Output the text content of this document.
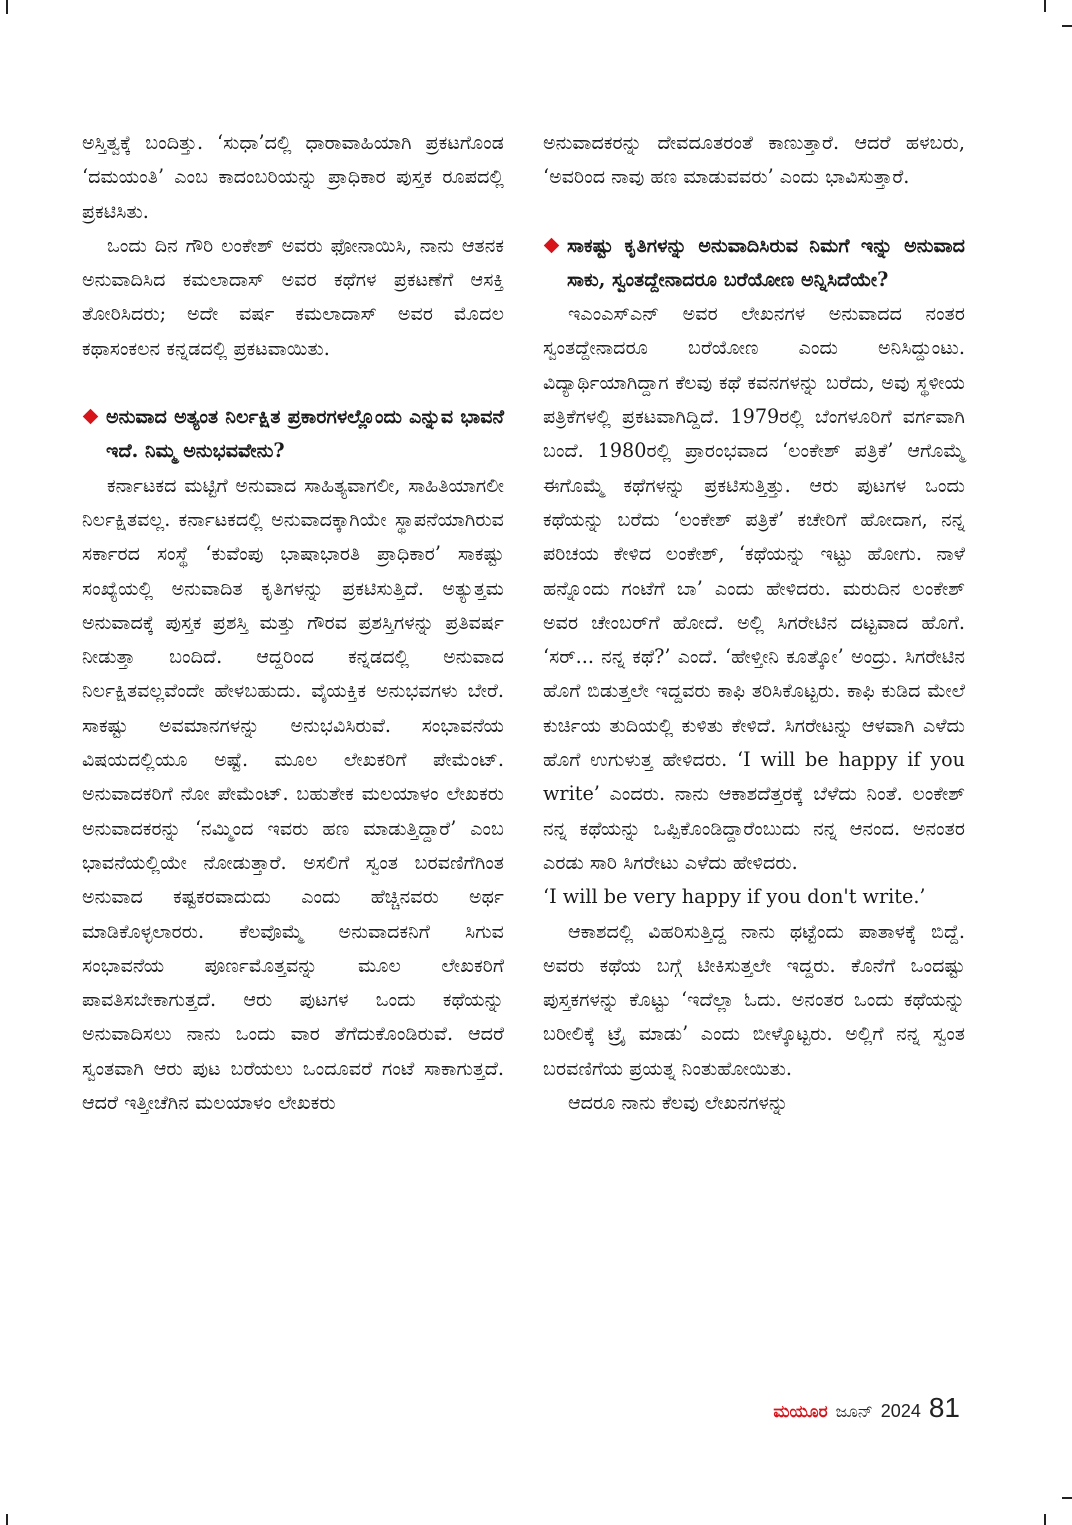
ಅಸ್ತಿತ್ವಕ್ಕೆ ಬಂದಿತ್ತು. ‘ಸುಧಾ’ದಲ್ಲಿ ಧಾರಾವಾಹಿಯಾಗಿ ಪ್ರಕಟಗೊಂಡ ‘ದಮಯಂತಿ’ ಎಂಬ ಕಾದಂಬರಿಯನ್ನು ಪ್ರಾಧಿಕಾರ ಪುಸ್ತಕ ರೂಪದಲ್ಲಿ ಪ್ರಕಟಿಸಿತು.

ಒಂದು ದಿನ ಗೌರಿ ಲಂಕೇಶ್ ಅವರು ಫೋನಾಯಿಸಿ, ನಾನು ಆತನಕ ಅನುವಾದಿಸಿದ ಕಮಲಾದಾಸ್ ಅವರ ಕಥೆಗಳ ಪ್ರಕಟಣೆಗೆ ಆಸಕ್ತಿ ತೋರಿಸಿದರು; ಅದೇ ವರ್ಷ ಕಮಲಾದಾಸ್ ಅವರ ಮೊದಲ ಕಥಾಸಂಕಲನ ಕನ್ನಡದಲ್ಲಿ ಪ್ರಕಟವಾಯಿತು.

ಅನುವಾದ ಅತ್ಯಂತ ನಿರ್ಲಕ್ಷಿತ ಪ್ರಕಾರಗಳಲ್ಲೊಂದು ಎನ್ನುವ ಭಾವನೆ ಇದೆ. ನಿಮ್ಮ ಅನುಭವವೇನು?

ಕರ್ನಾಟಕದ ಮಟ್ಟಿಗೆ ಅನುವಾದ ಸಾಹಿತ್ಯವಾಗಲೀ, ಸಾಹಿತಿಯಾಗಲೀ ನಿರ್ಲಕ್ಷಿತವಲ್ಲ. ಕರ್ನಾಟಕದಲ್ಲಿ ಅನುವಾದಕ್ಕಾಗಿಯೇ ಸ್ಥಾಪನೆಯಾಗಿರುವ ಸರ್ಕಾರದ ಸಂಸ್ಥೆ ‘ಕುವೆಂಪು ಭಾಷಾಭಾರತಿ ಪ್ರಾಧಿಕಾರ’ ಸಾಕಷ್ಟು ಸಂಖ್ಯೆಯಲ್ಲಿ ಅನುವಾದಿತ ಕೃತಿಗಳನ್ನು ಪ್ರಕಟಿಸುತ್ತಿದೆ. ಅತ್ಯುತ್ತಮ ಅನುವಾದಕ್ಕೆ ಪುಸ್ತಕ ಪ್ರಶಸ್ತಿ ಮತ್ತು ಗೌರವ ಪ್ರಶಸ್ತಿಗಳನ್ನು ಪ್ರತಿವರ್ಷ ನೀಡುತ್ತಾ ಬಂದಿದೆ. ಆದ್ದರಿಂದ ಕನ್ನಡದಲ್ಲಿ ಅನುವಾದ ನಿರ್ಲಕ್ಷಿತವಲ್ಲವೆಂದೇ ಹೇಳಬಹುದು. ವೈಯಕ್ತಿಕ ಅನುಭವಗಳು ಬೇರೆ. ಸಾಕಷ್ಟು ಅವಮಾನಗಳನ್ನು ಅನುಭವಿಸಿರುವೆ. ಸಂಭಾವನೆಯ ವಿಷಯದಲ್ಲಿಯೂ ಅಷ್ಟೆ. ಮೂಲ ಲೇಖಕರಿಗೆ ಪೇಮೆಂಟ್. ಅನುವಾದಕರಿಗೆ ನೋ ಪೇಮೆಂಟ್. ಬಹುತೇಕ ಮಲಯಾಳಂ ಲೇಖಕರು ಅನುವಾದಕರನ್ನು ‘ನಮ್ಮಿಂದ ಇವರು ಹಣ ಮಾಡುತ್ತಿದ್ದಾರೆ’ ಎಂಬ ಭಾವನೆಯಲ್ಲಿಯೇ ನೋಡುತ್ತಾರೆ. ಅಸಲಿಗೆ ಸ್ವಂತ ಬರವಣಿಗೆಗಿಂತ ಅನುವಾದ ಕಷ್ಟಕರವಾದುದು ಎಂದು ಹೆಚ್ಚಿನವರು ಅರ್ಥ ಮಾಡಿಕೊಳ್ಳಲಾರರು. ಕೆಲವೊಮ್ಮೆ ಅನುವಾದಕನಿಗೆ ಸಿಗುವ ಸಂಭಾವನೆಯ ಪೂರ್ಣಮೊತ್ತವನ್ನು ಮೂಲ ಲೇಖಕರಿಗೆ ಪಾವತಿಸಬೇಕಾಗುತ್ತದೆ. ಆರು ಪುಟಗಳ ಒಂದು ಕಥೆಯನ್ನು ಅನುವಾದಿಸಲು ನಾನು ಒಂದು ವಾರ ತೆಗೆದುಕೊಂಡಿರುವೆ. ಆದರೆ ಸ್ವಂತವಾಗಿ ಆರು ಪುಟ ಬರೆಯಲು ಒಂದೂವರೆ ಗಂಟೆ ಸಾಕಾಗುತ್ತದೆ. ಆದರೆ ಇತ್ತೀಚೆಗಿನ ಮಲಯಾಳಂ ಲೇಖಕರು

ಅನುವಾದಕರನ್ನು ದೇವದೂತರಂತೆ ಕಾಣುತ್ತಾರೆ. ಆದರೆ ಹಳಬರು, ‘ಅವರಿಂದ ನಾವು ಹಣ ಮಾಡುವವರು’ ಎಂದು ಭಾವಿಸುತ್ತಾರೆ.

ಸಾಕಷ್ಟು ಕೃತಿಗಳನ್ನು ಅನುವಾದಿಸಿರುವ ನಿಮಗೆ ಇನ್ನು ಅನುವಾದ ಸಾಕು, ಸ್ವಂತದ್ದೇನಾದರೂ ಬರೆಯೋಣ ಅನ್ನಿಸಿದೆಯೇ?

ಇಎಂಎಸ್‌ಎನ್ ಅವರ ಲೇಖನಗಳ ಅನುವಾದದ ನಂತರ ಸ್ವಂತದ್ದೇನಾದರೂ ಬರೆಯೋಣ ಎಂದು ಅನಿಸಿದ್ದುಂಟು. ವಿದ್ಯಾರ್ಥಿಯಾಗಿದ್ದಾಗ ಕೆಲವು ಕಥೆ ಕವನಗಳನ್ನು ಬರೆದು, ಅವು ಸ್ಥಳೀಯ ಪತ್ರಿಕೆಗಳಲ್ಲಿ ಪ್ರಕಟವಾಗಿದ್ದಿದೆ. 1979ರಲ್ಲಿ ಬೆಂಗಳೂರಿಗೆ ವರ್ಗವಾಗಿ ಬಂದೆ. 1980ರಲ್ಲಿ ಪ್ರಾರಂಭವಾದ ‘ಲಂಕೇಶ್ ಪತ್ರಿಕೆ’ ಆಗೊಮ್ಮೆ ಈಗೊಮ್ಮೆ ಕಥೆಗಳನ್ನು ಪ್ರಕಟಿಸುತ್ತಿತ್ತು. ಆರು ಪುಟಗಳ ಒಂದು ಕಥೆಯನ್ನು ಬರೆದು ‘ಲಂಕೇಶ್ ಪತ್ರಿಕೆ’ ಕಚೇರಿಗೆ ಹೋದಾಗ, ನನ್ನ ಪರಿಚಯ ಕೇಳಿದ ಲಂಕೇಶ್, ‘ಕಥೆಯನ್ನು ಇಟ್ಟು ಹೋಗು. ನಾಳೆ ಹನ್ನೊಂದು ಗಂಟೆಗೆ ಬಾ’ ಎಂದು ಹೇಳಿದರು. ಮರುದಿನ ಲಂಕೇಶ್ ಅವರ ಚೇಂಬರ್‌ಗೆ ಹೋದೆ. ಅಲ್ಲಿ ಸಿಗರೇಟಿನ ದಟ್ಟವಾದ ಹೊಗೆ. ‘ಸರ್... ನನ್ನ ಕಥೆ?’ ಎಂದೆ. ‘ಹೇಳ್ತೀನಿ ಕೂತ್ಕೋ’ ಅಂದ್ರು. ಸಿಗರೇಟಿನ ಹೊಗೆ ಬಿಡುತ್ತಲೇ ಇದ್ದವರು ಕಾಫಿ ತರಿಸಿಕೊಟ್ಟರು. ಕಾಫಿ ಕುಡಿದ ಮೇಲೆ ಕುರ್ಚಿಯ ತುದಿಯಲ್ಲಿ ಕುಳಿತು ಕೇಳಿದೆ. ಸಿಗರೇಟನ್ನು ಆಳವಾಗಿ ಎಳೆದು ಹೊಗೆ ಉಗುಳುತ್ತ ಹೇಳಿದರು. ‘I will be happy if you write’ ಎಂದರು. ನಾನು ಆಕಾಶದೆತ್ತರಕ್ಕೆ ಬೆಳೆದು ನಿಂತೆ. ಲಂಕೇಶ್ ನನ್ನ ಕಥೆಯನ್ನು ಒಪ್ಪಿಕೊಂಡಿದ್ದಾರೆಂಬುದು ನನ್ನ ಆನಂದ. ಅನಂತರ ಎರಡು ಸಾರಿ ಸಿಗರೇಟು ಎಳೆದು ಹೇಳಿದರು.

‘I will be very happy if you don't write.’

ಆಕಾಶದಲ್ಲಿ ವಿಹರಿಸುತ್ತಿದ್ದ ನಾನು ಥಟ್ಟೆಂದು ಪಾತಾಳಕ್ಕೆ ಬಿದ್ದೆ. ಅವರು ಕಥೆಯ ಬಗ್ಗೆ ಟೀಕಿಸುತ್ತಲೇ ಇದ್ದರು. ಕೊನೆಗೆ ಒಂದಷ್ಟು ಪುಸ್ತಕಗಳನ್ನು ಕೊಟ್ಟು ‘ಇದೆಲ್ಲಾ ಓದು. ಅನಂತರ ಒಂದು ಕಥೆಯನ್ನು ಬರೀಲಿಕ್ಕೆ ಟ್ರೈ ಮಾಡು’ ಎಂದು ಬೀಳ್ಕೊಟ್ಟರು. ಅಲ್ಲಿಗೆ ನನ್ನ ಸ್ವಂತ ಬರವಣಿಗೆಯ ಪ್ರಯತ್ನ ನಿಂತುಹೋಯಿತು.

ಆದರೂ ನಾನು ಕೆಲವು ಲೇಖನಗಳನ್ನು

ಮಯೂರ ಜೂನ್ 2024 81
